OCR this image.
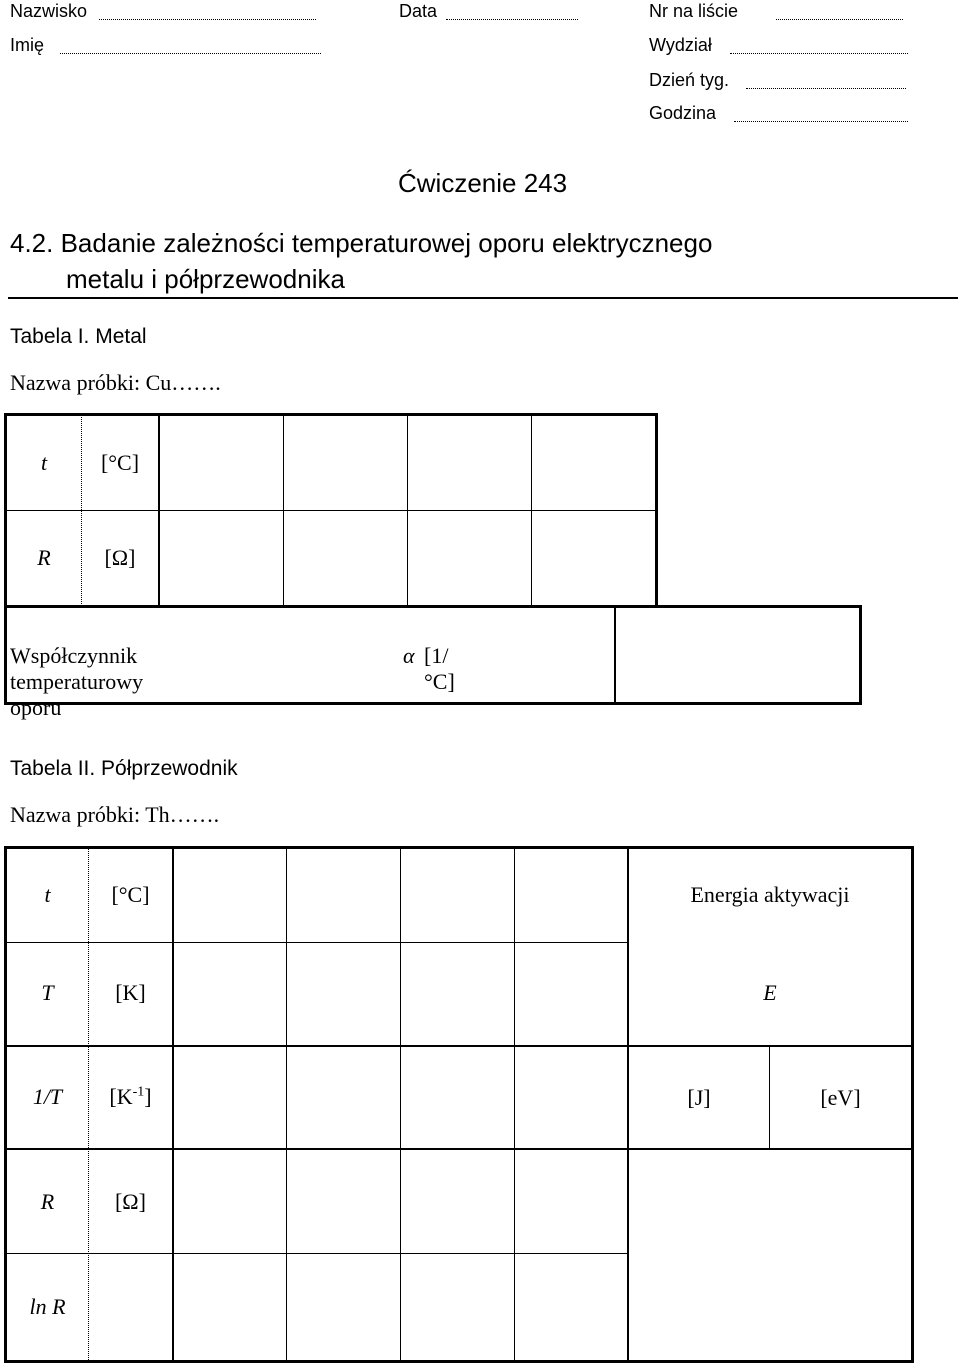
Nazwisko	Data	Nr na liście
Imię	Wydział
Dzień tyg.
Godzina
Ćwiczenie 243
4.2. Badanie zależności temperaturowej oporu elektrycznego
metalu i półprzewodnika
Tabela I. Metal
Nazwa próbki: Cu…….
t	[°C]
R	[Ω]
Współczynnik temperaturowy oporu
α [1/°C]
Tabela II. Półprzewodnik
Nazwa próbki: Th…….
t	[°C]
T	[K]
1/T	$[K^{-1}]$
R	[Ω]
ln R
Energia aktywacji
E
[J]	[eV]
